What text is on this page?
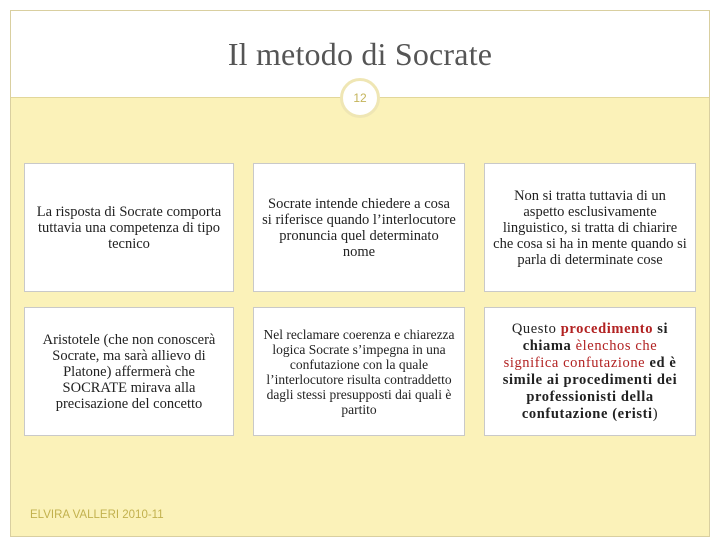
Il metodo di Socrate
12

La risposta di Socrate comporta tuttavia una competenza di tipo tecnico

Socrate intende chiedere a cosa si riferisce quando l’interlocutore pronuncia quel determinato nome

Non si tratta tuttavia di un aspetto esclusivamente linguistico, si tratta di chiarire che cosa si ha in mente quando si parla di determinate cose

Aristotele (che non conoscerà Socrate, ma sarà allievo di Platone) affermerà che SOCRATE mirava alla precisazione del concetto

Nel reclamare coerenza e chiarezza logica Socrate s’impegna in una confutazione con la quale l’interlocutore risulta contraddetto dagli stessi presupposti dai quali è partito

Questo procedimento si chiama èlenchos che significa confutazione ed è simile ai procedimenti dei professionisti della confutazione (eristi)

ELVIRA VALLERI 2010-11
